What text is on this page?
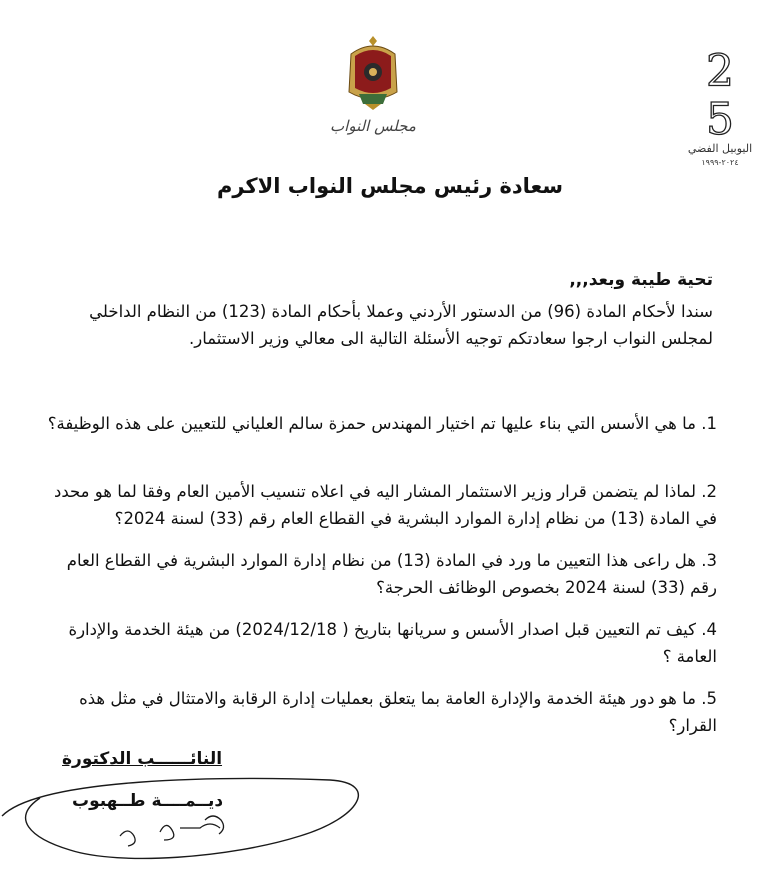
مجلس النواب
2
5
اليوبيل الفضي
٢٠٢٤-١٩٩٩
سعادة رئيس مجلس النواب الاكرم
تحية طيبة وبعد,,,
سندا لأحكام المادة (96) من الدستور الأردني وعملا بأحكام المادة (123) من النظام الداخلي لمجلس النواب ارجوا سعادتكم توجيه الأسئلة التالية الى معالي وزير الاستثمار.
1. ما هي الأسس التي بناء عليها تم اختيار المهندس حمزة سالم العلياني للتعيين على هذه الوظيفة؟
2. لماذا لم يتضمن قرار وزير الاستثمار المشار اليه في اعلاه تنسيب الأمين العام وفقا لما هو محدد في المادة (13) من نظام إدارة الموارد البشرية في القطاع العام رقم (33) لسنة 2024؟
3. هل راعى هذا التعيين ما ورد في المادة (13) من نظام إدارة الموارد البشرية في القطاع العام رقم (33) لسنة 2024 بخصوص الوظائف الحرجة؟
4. كيف تم التعيين قبل اصدار الأسس و سريانها بتاريخ ( 2024/12/18) من هيئة الخدمة والإدارة العامة ؟
5. ما هو دور هيئة الخدمة والإدارة العامة بما يتعلق بعمليات إدارة الرقابة والامتثال في مثل هذه القرار؟
النائــــــب الدكتورة
ديــمــــة طــهبوب
